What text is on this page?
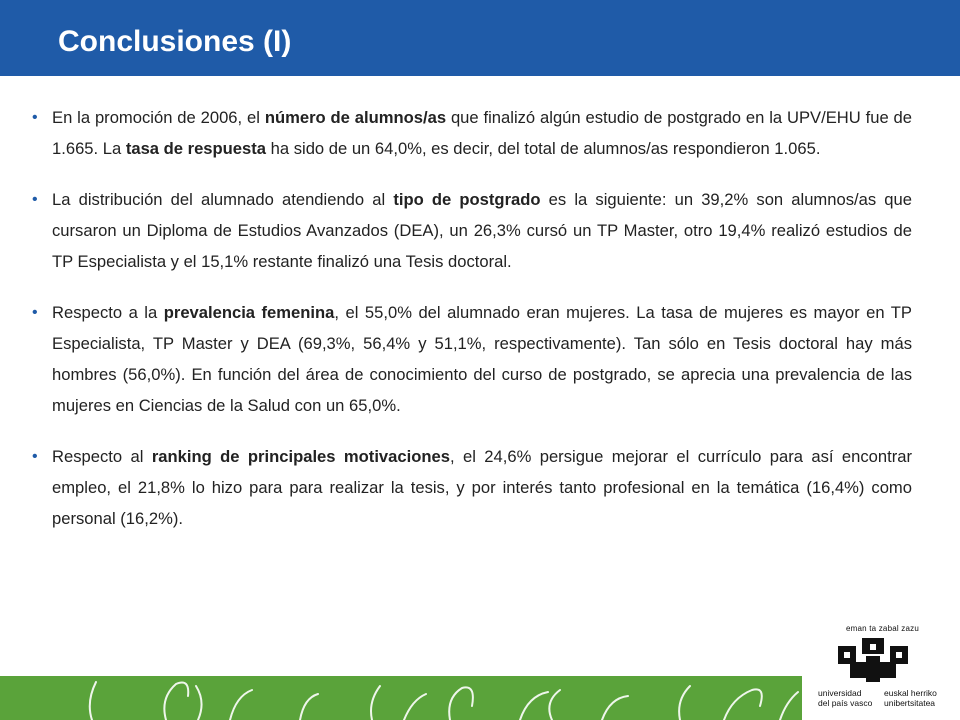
Conclusiones (I)

• En la promoción de 2006, el número de alumnos/as que finalizó algún estudio de postgrado en la UPV/EHU fue de 1.665. La tasa de respuesta ha sido de un 64,0%, es decir, del total de alumnos/as respondieron 1.065.

• La distribución del alumnado atendiendo al tipo de postgrado es la siguiente: un 39,2% son alumnos/as que cursaron un Diploma de Estudios Avanzados (DEA), un 26,3% cursó un TP Master, otro 19,4% realizó estudios de TP Especialista y el 15,1% restante finalizó una Tesis doctoral.

• Respecto a la prevalencia femenina, el 55,0% del alumnado eran mujeres. La tasa de mujeres es mayor en TP Especialista, TP Master y DEA (69,3%, 56,4% y 51,1%, respectivamente). Tan sólo en Tesis doctoral hay más hombres (56,0%). En función del área de conocimiento del curso de postgrado, se aprecia una prevalencia de las mujeres en Ciencias de la Salud con un 65,0%.

• Respecto al ranking de principales motivaciones, el 24,6% persigue mejorar el currículo para así encontrar empleo, el 21,8% lo hizo para para realizar la tesis, y por interés tanto profesional en la temática (16,4%) como personal (16,2%).

eman ta zabal zazu
universidad
del país vasco
euskal herriko
unibertsitatea
